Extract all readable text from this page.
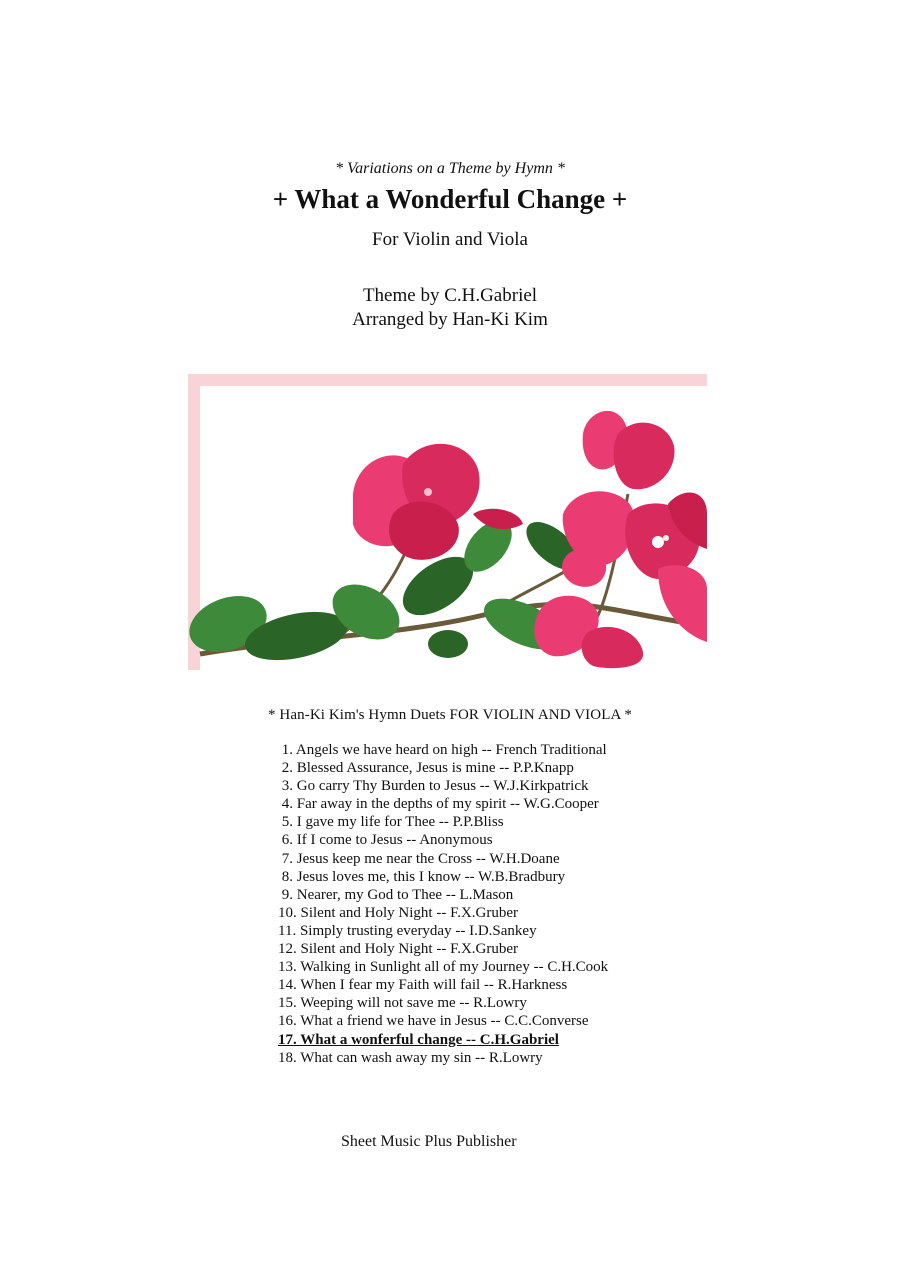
* Variations on a Theme by Hymn *
+ What a Wonderful Change +
For Violin and Viola
Theme by C.H.Gabriel
Arranged by Han-Ki Kim
* Han-Ki Kim's Hymn Duets FOR VIOLIN AND VIOLA *
1. Angels we have heard on high -- French Traditional
2. Blessed Assurance, Jesus is mine -- P.P.Knapp
3. Go carry Thy Burden to Jesus -- W.J.Kirkpatrick
4. Far away in the depths of my spirit -- W.G.Cooper
5. I gave my life for Thee -- P.P.Bliss
6. If I come to Jesus -- Anonymous
7. Jesus keep me near the Cross -- W.H.Doane
8. Jesus loves me, this I know -- W.B.Bradbury
9. Nearer, my God to Thee -- L.Mason
10. Silent and Holy Night -- F.X.Gruber
11. Simply trusting everyday -- I.D.Sankey
12. Silent and Holy Night -- F.X.Gruber
13. Walking in Sunlight all of my Journey -- C.H.Cook
14. When I fear my Faith will fail -- R.Harkness
15. Weeping will not save me -- R.Lowry
16. What a friend we have in Jesus -- C.C.Converse
17. What a wonferful change -- C.H.Gabriel
18. What can wash away my sin -- R.Lowry
Sheet Music Plus Publisher
